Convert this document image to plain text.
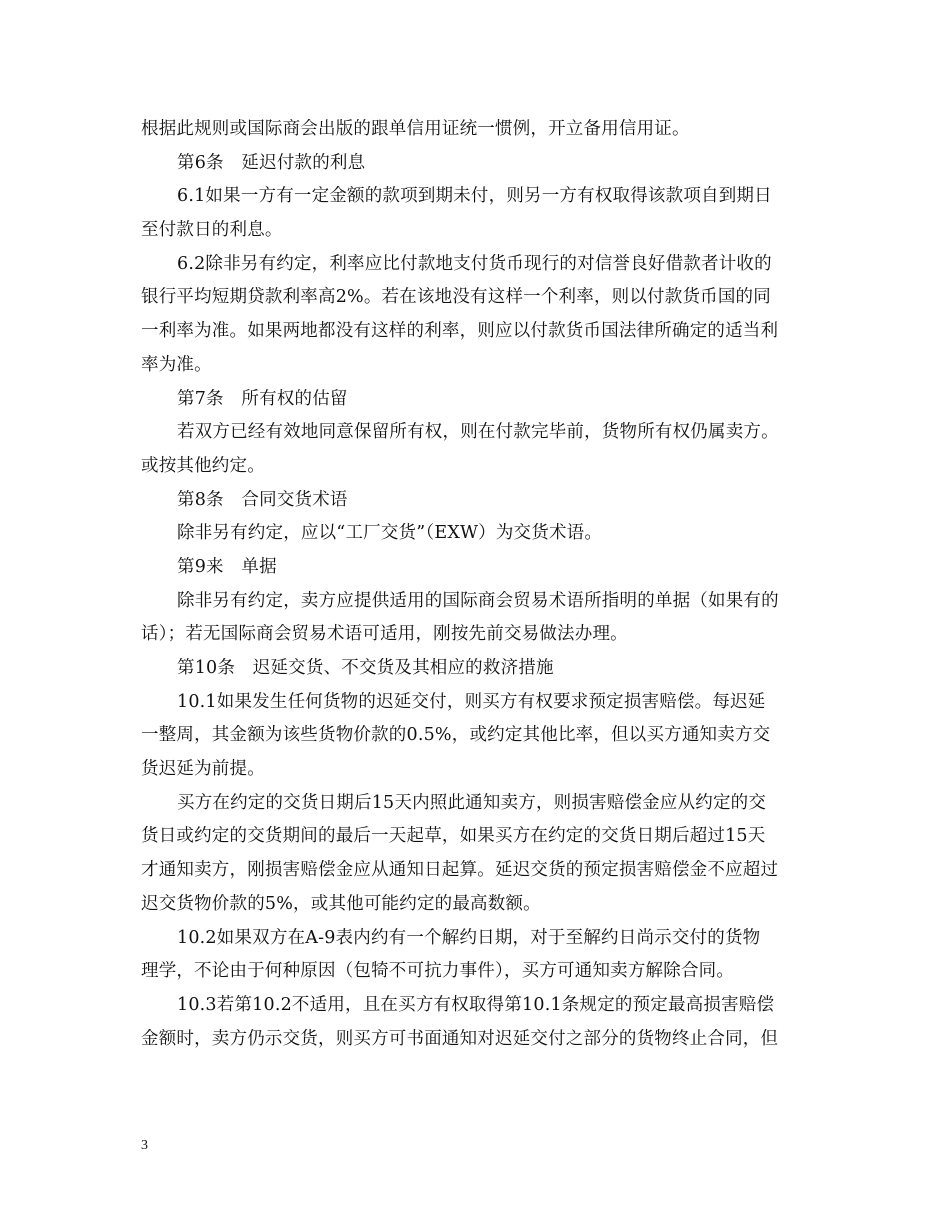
根据此规则或国际商会出版的跟单信用证统一惯例，开立备用信用证。

第6条　延迟付款的利息

6.1如果一方有一定金额的款项到期未付，则另一方有权取得该款项自到期日

至付款日的利息。

6.2除非另有约定，利率应比付款地支付货币现行的对信誉良好借款者计收的

银行平均短期贷款利率高2%。若在该地没有这样一个利率，则以付款货币国的同

一利率为准。如果两地都没有这样的利率，则应以付款货币国法律所确定的适当利

率为准。

第7条　所有权的估留

若双方已经有效地同意保留所有权，则在付款完毕前，货物所有权仍属卖方。

或按其他约定。

第8条　合同交货术语

除非另有约定，应以“工厂交货”（EXW）为交货术语。

第9来　单据

除非另有约定，卖方应提供适用的国际商会贸易术语所指明的单据（如果有的

话）；若无国际商会贸易术语可适用，刚按先前交易做法办理。

第10条　迟延交货、不交货及其相应的救济措施

10.1如果发生任何货物的迟延交付，则买方有权要求预定损害赔偿。每迟延

一整周，其金额为该些货物价款的0.5%，或约定其他比率，但以买方通知卖方交

货迟延为前提。

买方在约定的交货日期后15天内照此通知卖方，则损害赔偿金应从约定的交

货日或约定的交货期间的最后一天起草，如果买方在约定的交货日期后超过15天

才通知卖方，刚损害赔偿金应从通知日起算。延迟交货的预定损害赔偿金不应超过

迟交货物价款的5%，或其他可能约定的最高数额。

10.2如果双方在A-9表内约有一个解约日期，对于至解约日尚示交付的货物

理学，不论由于何种原因（包犄不可抗力事件），买方可通知卖方解除合同。

10.3若第10.2不适用，且在买方有权取得第10.1条规定的预定最高损害赔偿

金额时，卖方仍示交货，则买方可书面通知对迟延交付之部分的货物终止合同，但

3
